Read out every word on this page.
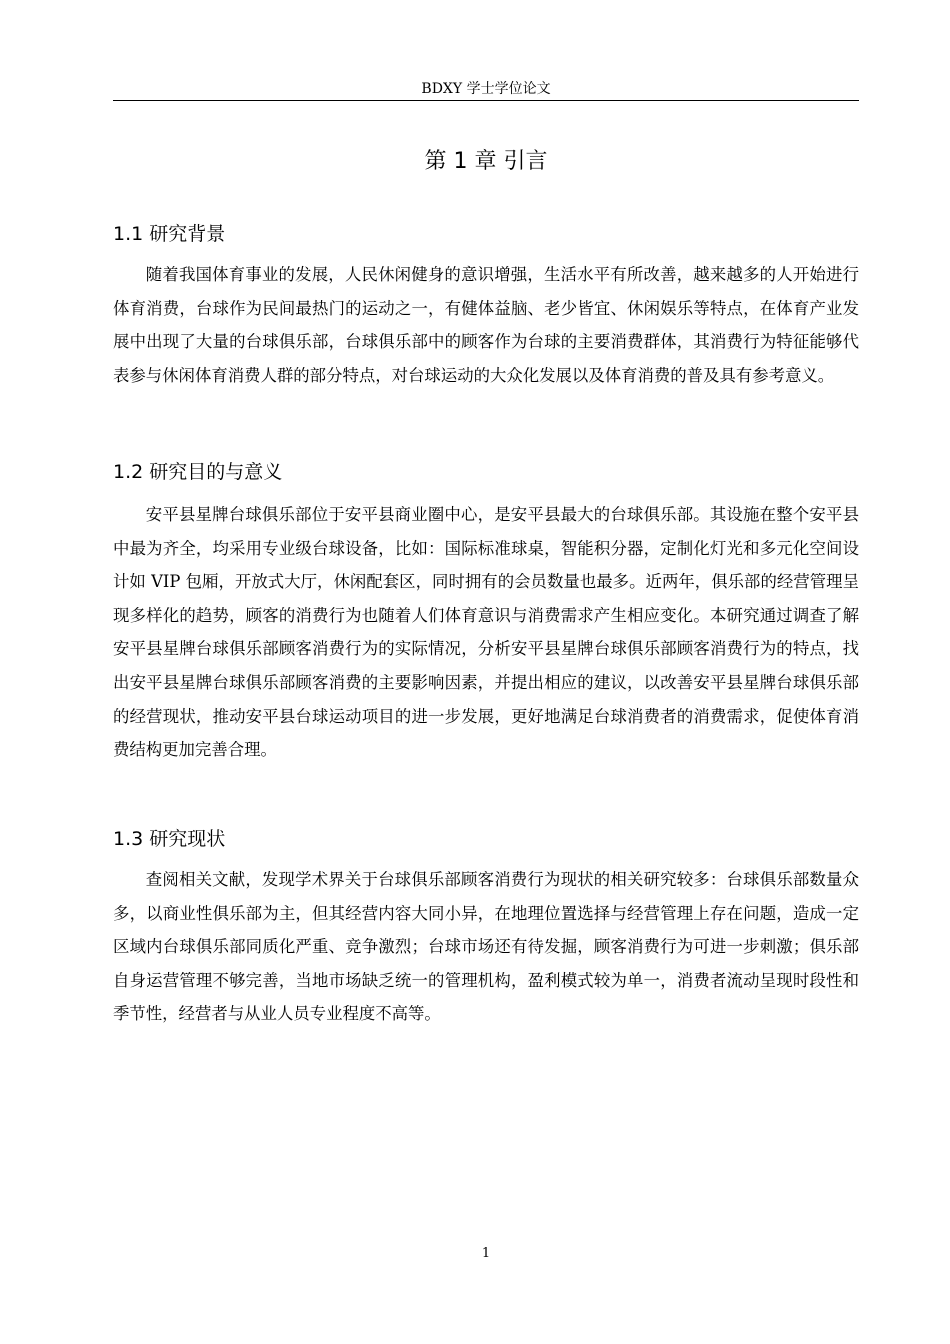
BDXY 学士学位论文
第 1 章 引言
1.1 研究背景

随着我国体育事业的发展，人民休闲健身的意识增强，生活水平有所改善，越来越多的人开始进行体育消费，台球作为民间最热门的运动之一，有健体益脑、老少皆宜、休闲娱乐等特点，在体育产业发展中出现了大量的台球俱乐部，台球俱乐部中的顾客作为台球的主要消费群体，其消费行为特征能够代表参与休闲体育消费人群的部分特点，对台球运动的大众化发展以及体育消费的普及具有参考意义。

1.2 研究目的与意义

安平县星牌台球俱乐部位于安平县商业圈中心，是安平县最大的台球俱乐部。其设施在整个安平县中最为齐全，均采用专业级台球设备，比如：国际标准球桌，智能积分器，定制化灯光和多元化空间设计如 VIP 包厢，开放式大厅，休闲配套区，同时拥有的会员数量也最多。近两年，俱乐部的经营管理呈现多样化的趋势，顾客的消费行为也随着人们体育意识与消费需求产生相应变化。本研究通过调查了解安平县星牌台球俱乐部顾客消费行为的实际情况，分析安平县星牌台球俱乐部顾客消费行为的特点，找出安平县星牌台球俱乐部顾客消费的主要影响因素，并提出相应的建议，以改善安平县星牌台球俱乐部的经营现状，推动安平县台球运动项目的进一步发展，更好地满足台球消费者的消费需求，促使体育消费结构更加完善合理。

1.3 研究现状

查阅相关文献，发现学术界关于台球俱乐部顾客消费行为现状的相关研究较多：台球俱乐部数量众多，以商业性俱乐部为主，但其经营内容大同小异，在地理位置选择与经营管理上存在问题，造成一定区域内台球俱乐部同质化严重、竞争激烈；台球市场还有待发掘，顾客消费行为可进一步刺激；俱乐部自身运营管理不够完善，当地市场缺乏统一的管理机构，盈利模式较为单一，消费者流动呈现时段性和季节性，经营者与从业人员专业程度不高等。

1
